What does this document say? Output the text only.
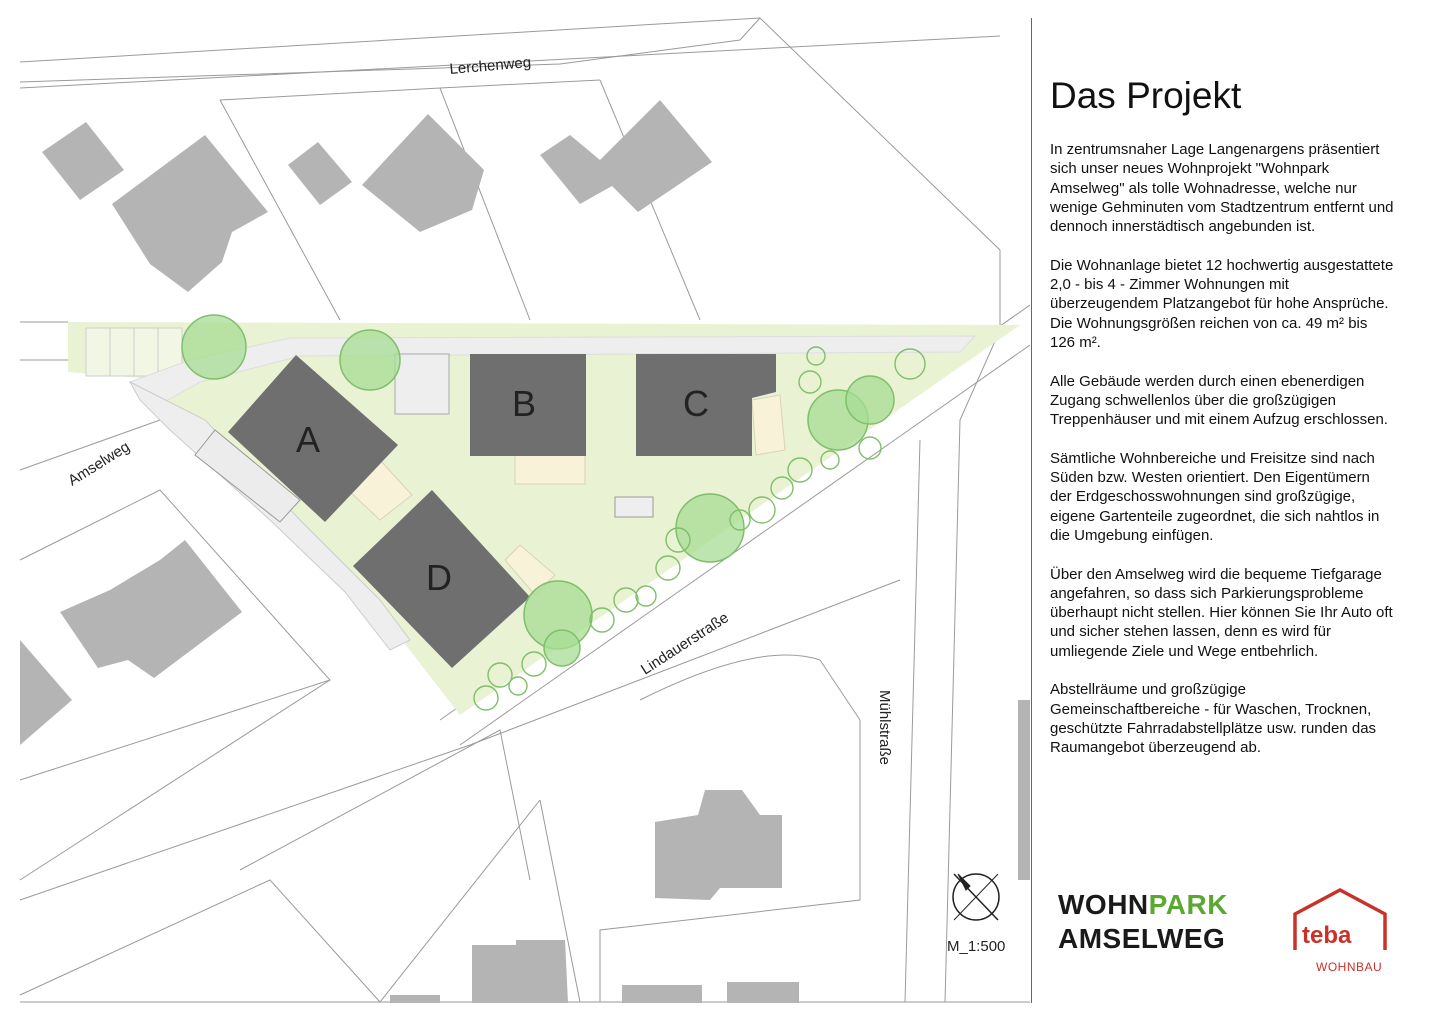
A
B	C
D
Lerchenweg
Amselweg
Lindauerstraße
Mühlstraße
M_1:500
Das Projekt

In zentrumsnaher Lage Langenargens präsentiert sich unser neues Wohnprojekt "Wohnpark Amselweg" als tolle Wohnadresse, welche nur wenige Gehminuten vom Stadtzentrum entfernt und dennoch innerstädtisch angebunden ist.

Die Wohnanlage bietet 12 hochwertig ausgestattete 2,0 - bis 4 - Zimmer Wohnungen mit überzeugendem Platzangebot für hohe Ansprüche. Die Wohnungsgrößen reichen von ca. 49 m² bis 126 m².

Alle Gebäude werden durch einen ebenerdigen Zugang schwellenlos über die großzügigen Treppenhäuser und mit einem Aufzug erschlossen.

Sämtliche Wohnbereiche und Freisitze sind nach Süden bzw. Westen orientiert. Den Eigentümern der Erdgeschosswohnungen sind großzügige, eigene Gartenteile zugeordnet, die sich nahtlos in die Umgebung einfügen.

Über den Amselweg wird die bequeme Tiefgarage angefahren, so dass sich Parkierungsprobleme überhaupt nicht stellen. Hier können Sie Ihr Auto oft und sicher stehen lassen, denn es wird für umliegende Ziele und Wege entbehrlich.

Abstellräume und großzügige Gemeinschaftbereiche - für Waschen, Trocknen, geschützte Fahrradabstellplätze usw. runden das Raumangebot überzeugend ab.

WOHNPARK
AMSELWEG	teba
WOHNBAU
